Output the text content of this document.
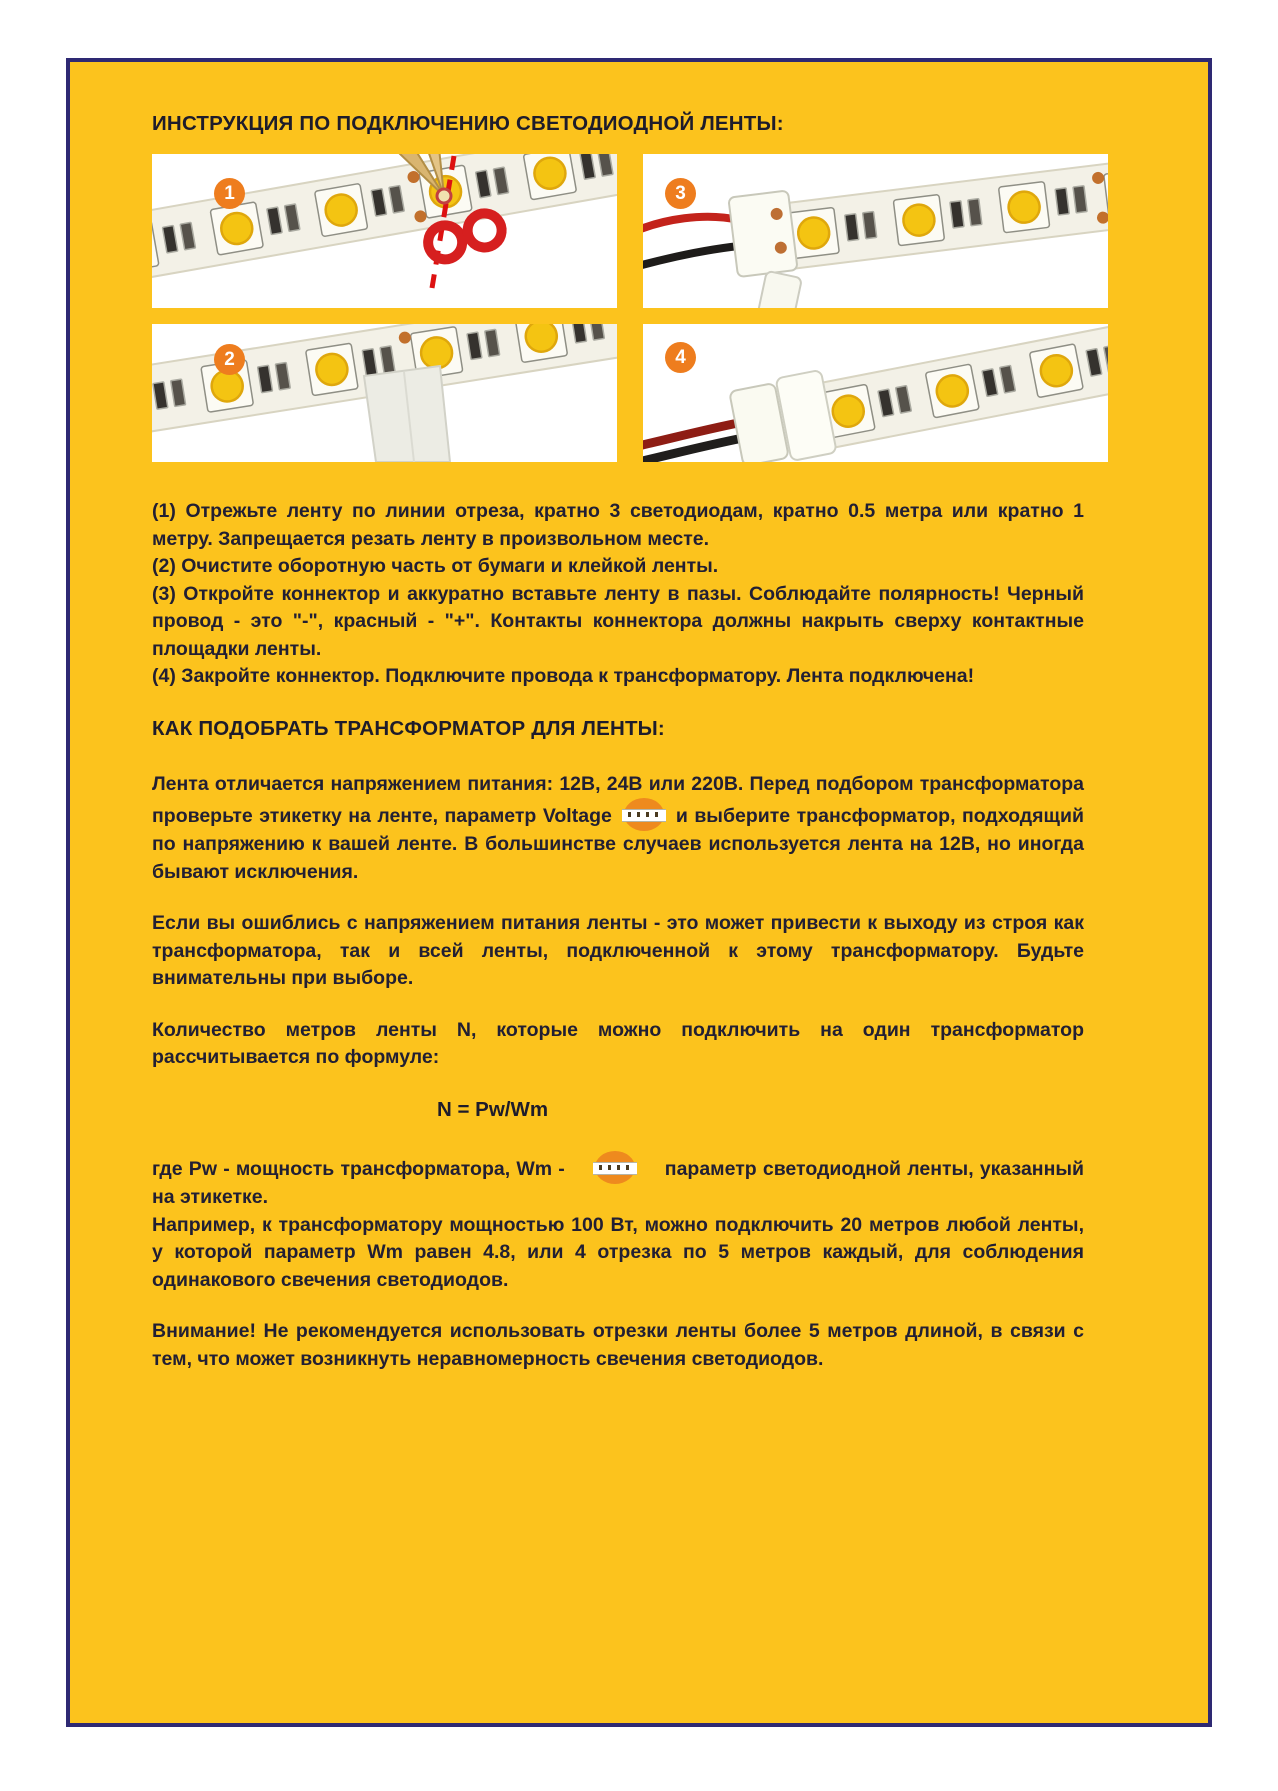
ИНСТРУКЦИЯ ПО ПОДКЛЮЧЕНИЮ СВЕТОДИОДНОЙ ЛЕНТЫ:
1	3
2	4

(1) Отрежьте ленту по линии отреза, кратно 3 светодиодам, кратно 0.5 метра или кратно 1 метру. Запрещается резать ленту в произвольном месте.

(2) Очистите оборотную часть от бумаги и клейкой ленты.

(3) Откройте коннектор и аккуратно вставьте ленту в пазы. Соблюдайте полярность! Черный провод - это "-", красный - "+". Контакты коннектора должны накрыть сверху контактные площадки ленты.

(4) Закройте коннектор. Подключите провода к трансформатору. Лента подключена!

КАК ПОДОБРАТЬ ТРАНСФОРМАТОР ДЛЯ ЛЕНТЫ:

Лента отличается напряжением питания: 12В, 24В или 220В. Перед подбором трансформатора проверьте этикетку на ленте, параметр Voltage	и выберите трансформатор, подходящий по напряжению к вашей ленте. В большинстве случаев используется лента на 12В, но иногда бывают исключения.

Если вы ошиблись с напряжением питания ленты - это может привести к выходу из строя как трансформатора, так и всей ленты, подключенной к этому трансформатору. Будьте внимательны при выборе.

Количество метров ленты N, которые можно подключить на один трансформатор рассчитывается по формуле:

N = Pw/Wm

где Pw - мощность трансформатора, Wm -	параметр светодиодной ленты, указанный на этикетке.

Например, к трансформатору мощностью 100 Вт, можно подключить 20 метров любой ленты, у которой параметр Wm равен 4.8, или 4 отрезка по 5 метров каждый, для соблюдения одинакового свечения светодиодов.

Внимание! Не рекомендуется использовать отрезки ленты более 5 метров длиной, в связи с тем, что может возникнуть неравномерность свечения светодиодов.
